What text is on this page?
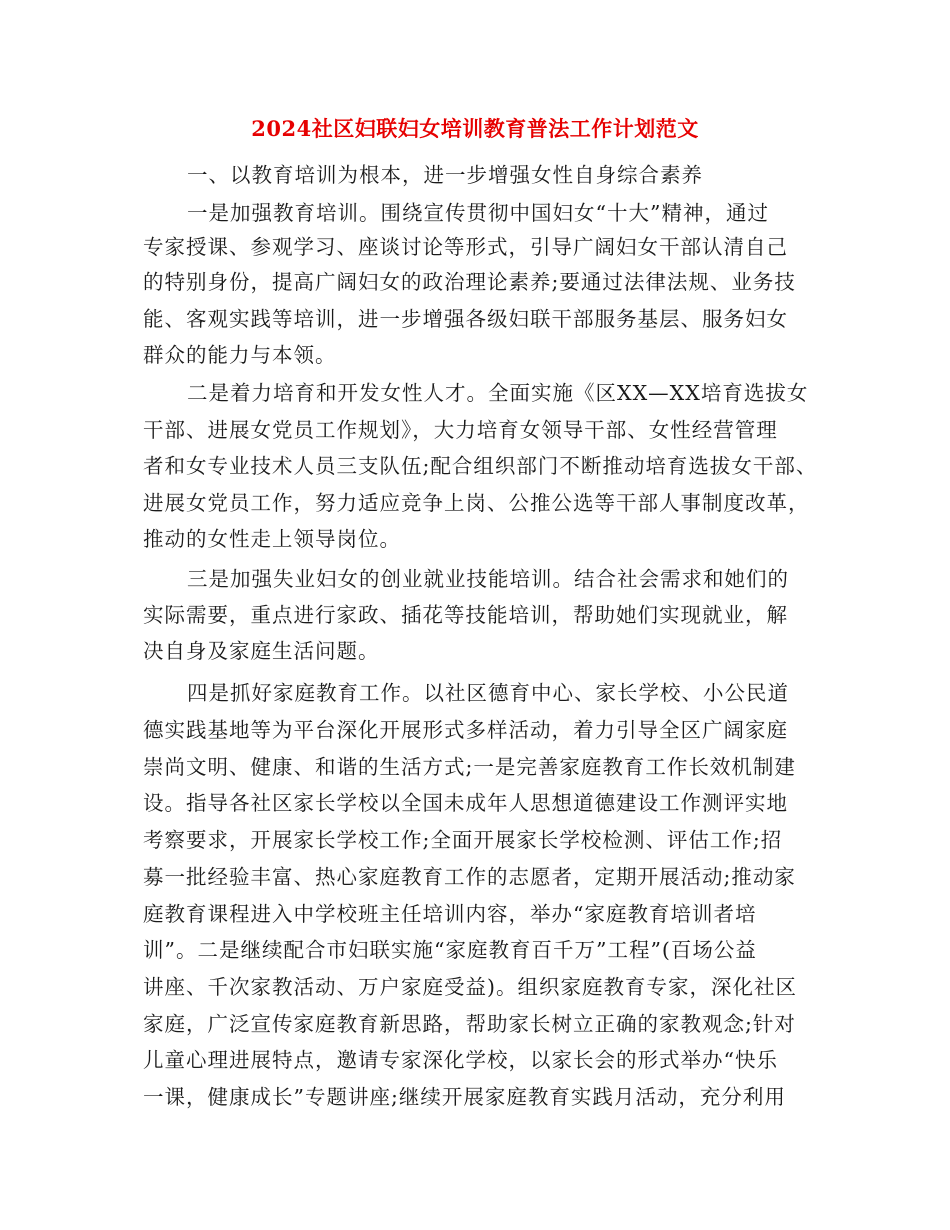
2024社区妇联妇女培训教育普法工作计划范文
一、以教育培训为根本，进一步增强女性自身综合素养
一是加强教育培训。围绕宣传贯彻中国妇女“十大”精神，通过
专家授课、参观学习、座谈讨论等形式，引导广阔妇女干部认清自己
的特别身份，提高广阔妇女的政治理论素养;要通过法律法规、业务技
能、客观实践等培训，进一步增强各级妇联干部服务基层、服务妇女
群众的能力与本领。
二是着力培育和开发女性人才。全面实施《区XX—XX培育选拔女
干部、进展女党员工作规划》，大力培育女领导干部、女性经营管理
者和女专业技术人员三支队伍;配合组织部门不断推动培育选拔女干部、
进展女党员工作，努力适应竞争上岗、公推公选等干部人事制度改革，
推动的女性走上领导岗位。
三是加强失业妇女的创业就业技能培训。结合社会需求和她们的
实际需要，重点进行家政、插花等技能培训，帮助她们实现就业，解
决自身及家庭生活问题。
四是抓好家庭教育工作。以社区德育中心、家长学校、小公民道
德实践基地等为平台深化开展形式多样活动，着力引导全区广阔家庭
崇尚文明、健康、和谐的生活方式;一是完善家庭教育工作长效机制建
设。指导各社区家长学校以全国未成年人思想道德建设工作测评实地
考察要求，开展家长学校工作;全面开展家长学校检测、评估工作;招
募一批经验丰富、热心家庭教育工作的志愿者，定期开展活动;推动家
庭教育课程进入中学校班主任培训内容，举办“家庭教育培训者培
训”。二是继续配合市妇联实施“家庭教育百千万”工程”(百场公益
讲座、千次家教活动、万户家庭受益)。组织家庭教育专家，深化社区
家庭，广泛宣传家庭教育新思路，帮助家长树立正确的家教观念;针对
儿童心理进展特点，邀请专家深化学校，以家长会的形式举办“快乐
一课，健康成长”专题讲座;继续开展家庭教育实践月活动，充分利用
